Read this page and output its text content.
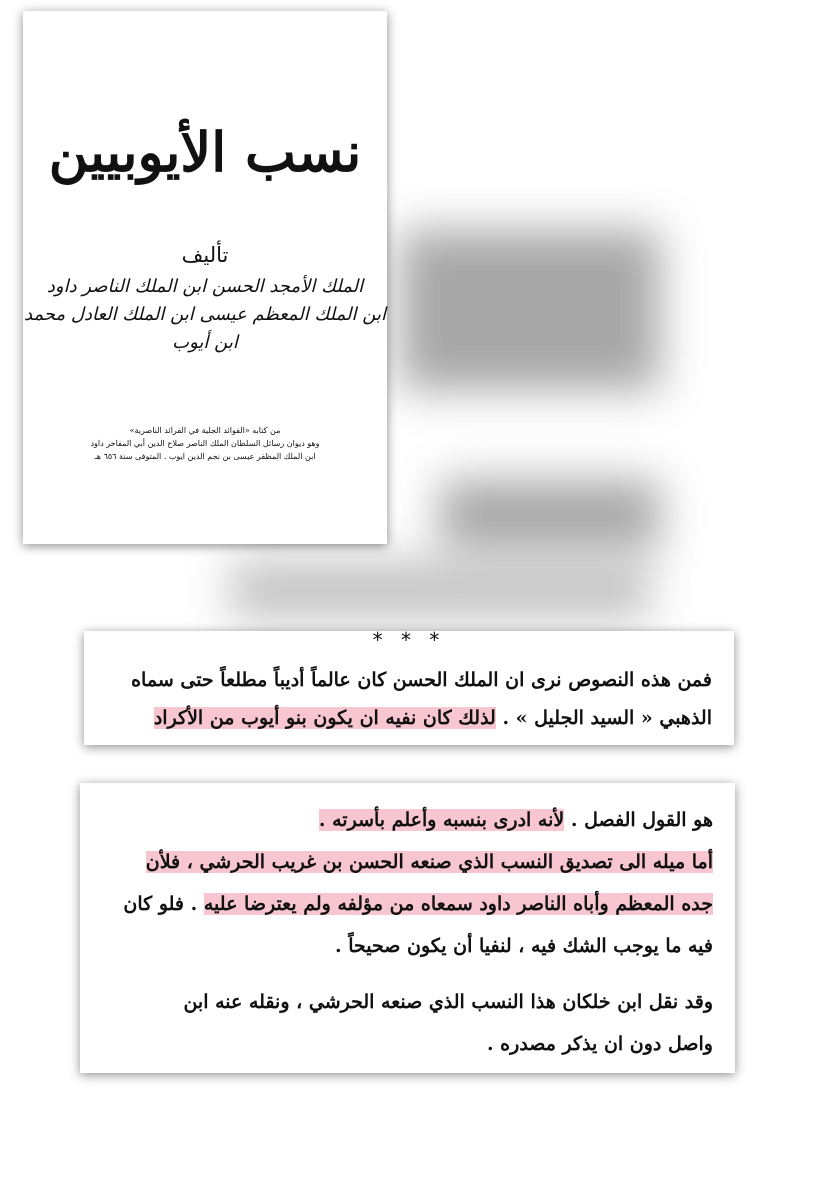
نسب الأيوبيين
تأليف
الملك الأمجد الحسن ابن الملك الناصر داود
ابن الملك المعظم عيسى ابن الملك العادل محمد
ابن أيوب
من كتابه «الفوائد الجلية في الفرائد الناصرية»
وهو ديوان رسائل السلطان الملك الناصر صلاح الدين أبي المفاخر داود
ابن الملك المظفر عيسى بن نجم الدين ايوب . المتوفى سنة ٦٥٦ هـ
* * *
فمن هذه النصوص نرى ان الملك الحسن كان عالماً أديباً مطلعاً حتى سماه
الذهبي « السيد الجليل » . لذلك كان نفيه ان يكون بنو أيوب من الأكراد
هو القول الفصل . لأنه ادرى بنسبه وأعلم بأسرته .
أما ميله الى تصديق النسب الذي صنعه الحسن بن غريب الحرشي ، فلأن
جده المعظم وأباه الناصر داود سمعاه من مؤلفه ولم يعترضا عليه . فلو كان
فيه ما يوجب الشك فيه ، لنفيا أن يكون صحيحاً .
وقد نقل ابن خلكان هذا النسب الذي صنعه الحرشي ، ونقله عنه ابن
واصل دون ان يذكر مصدره .
